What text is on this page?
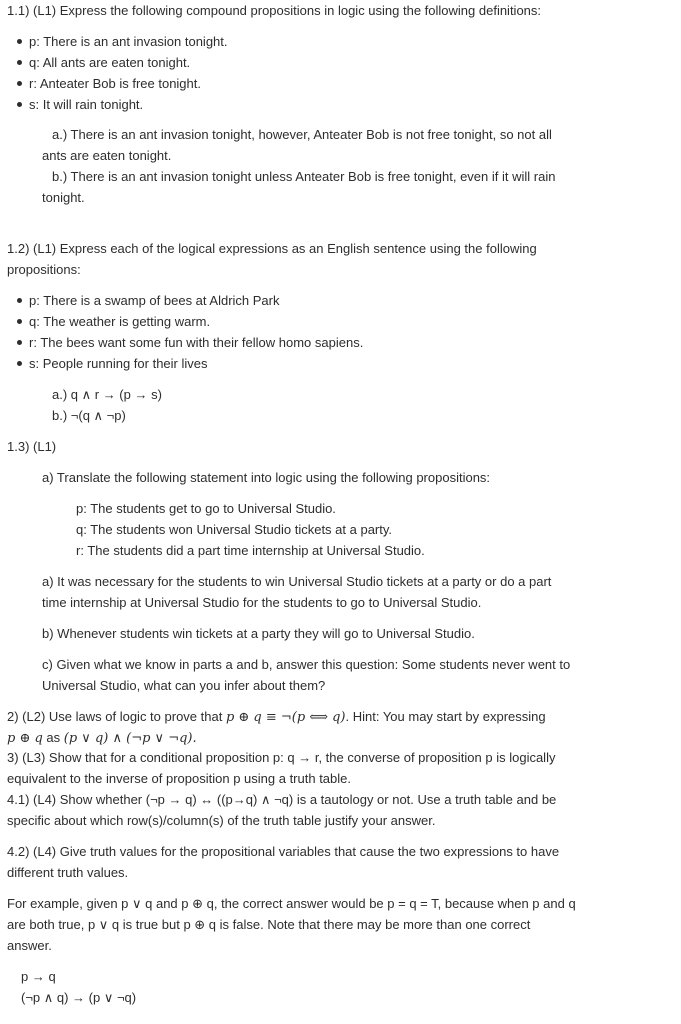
1.1) (L1) Express the following compound propositions in logic using the following definitions:
p: There is an ant invasion tonight.
q: All ants are eaten tonight.
r: Anteater Bob is free tonight.
s: It will rain tonight.
a.) There is an ant invasion tonight, however, Anteater Bob is not free tonight, so not all
ants are eaten tonight.
b.) There is an ant invasion tonight unless Anteater Bob is free tonight, even if it will rain
tonight.
1.2) (L1) Express each of the logical expressions as an English sentence using the following
propositions:
p: There is a swamp of bees at Aldrich Park
q: The weather is getting warm.
r: The bees want some fun with their fellow homo sapiens.
s: People running for their lives
a.) q ∧ r → (p → s)
b.) ¬(q ∧ ¬p)
1.3) (L1)
a) Translate the following statement into logic using the following propositions:
p: The students get to go to Universal Studio.
q: The students won Universal Studio tickets at a party.
r: The students did a part time internship at Universal Studio.
a) It was necessary for the students to win Universal Studio tickets at a party or do a part
time internship at Universal Studio for the students to go to Universal Studio.
b) Whenever students win tickets at a party they will go to Universal Studio.
c) Given what we know in parts a and b, answer this question: Some students never went to
Universal Studio, what can you infer about them?
2) (L2) Use laws of logic to prove that p ⊕ q ≡ ¬(p ⟺ q). Hint: You may start by expressing
p ⊕ q as (p ∨ q) ∧ (¬p ∨ ¬q).
3) (L3) Show that for a conditional proposition p: q → r, the converse of proposition p is logically
equivalent to the inverse of proposition p using a truth table.
4.1) (L4) Show whether (¬p → q) ↔ ((p→q) ∧ ¬q) is a tautology or not. Use a truth table and be
specific about which row(s)/column(s) of the truth table justify your answer.
4.2) (L4) Give truth values for the propositional variables that cause the two expressions to have
different truth values.
For example, given p ∨ q and p ⊕ q, the correct answer would be p = q = T, because when p and q
are both true, p ∨ q is true but p ⊕ q is false. Note that there may be more than one correct
answer.
p → q
(¬p ∧ q) → (p ∨ ¬q)
